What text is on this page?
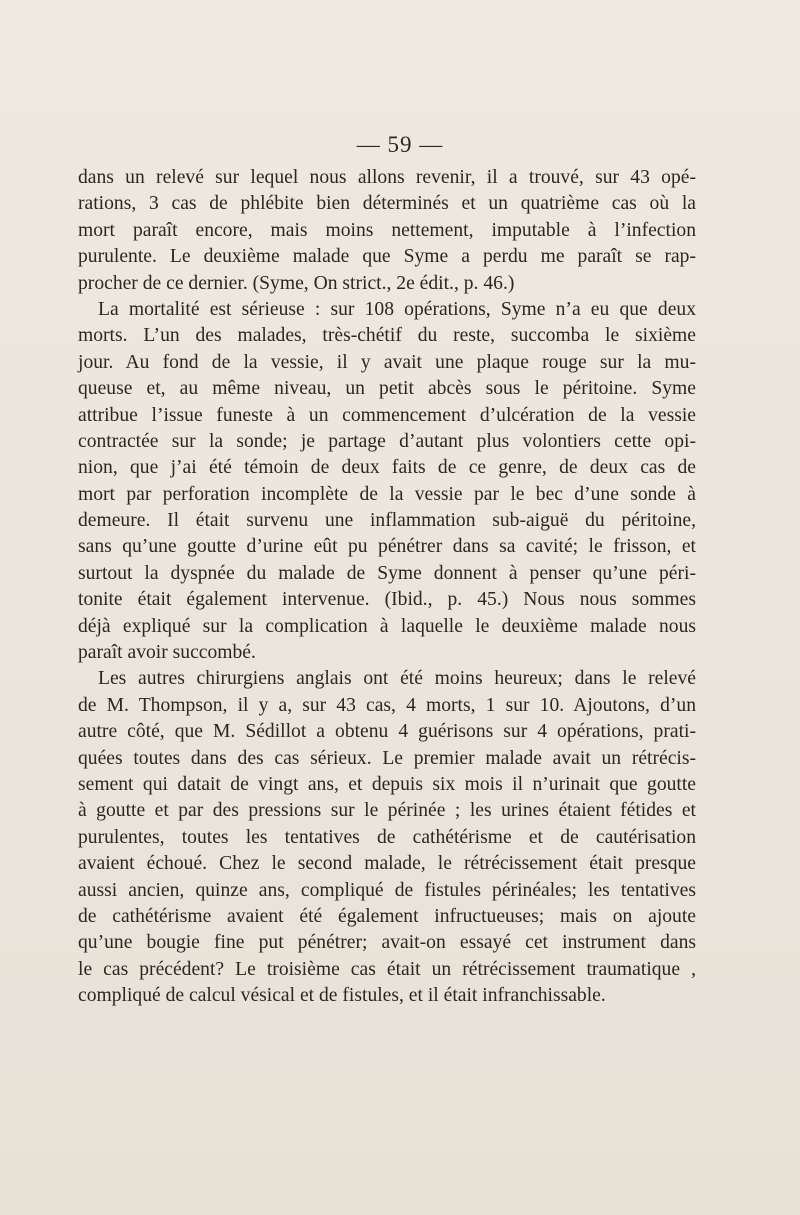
— 59 —
dans un relevé sur lequel nous allons revenir, il a trouvé, sur 43 opé-
rations, 3 cas de phlébite bien déterminés et un quatrième cas où la
mort paraît encore, mais moins nettement, imputable à l’infection
purulente. Le deuxième malade que Syme a perdu me paraît se rap-
procher de ce dernier. (Syme, On strict., 2e édit., p. 46.)
La mortalité est sérieuse : sur 108 opérations, Syme n’a eu que deux
morts. L’un des malades, très-chétif du reste, succomba le sixième
jour. Au fond de la vessie, il y avait une plaque rouge sur la mu-
queuse et, au même niveau, un petit abcès sous le péritoine. Syme
attribue l’issue funeste à un commencement d’ulcération de la vessie
contractée sur la sonde; je partage d’autant plus volontiers cette opi-
nion, que j’ai été témoin de deux faits de ce genre, de deux cas de
mort par perforation incomplète de la vessie par le bec d’une sonde à
demeure. Il était survenu une inflammation sub-aiguë du péritoine,
sans qu’une goutte d’urine eût pu pénétrer dans sa cavité; le frisson, et
surtout la dyspnée du malade de Syme donnent à penser qu’une péri-
tonite était également intervenue. (Ibid., p. 45.) Nous nous sommes
déjà expliqué sur la complication à laquelle le deuxième malade nous
paraît avoir succombé.
Les autres chirurgiens anglais ont été moins heureux; dans le relevé
de M. Thompson, il y a, sur 43 cas, 4 morts, 1 sur 10. Ajoutons, d’un
autre côté, que M. Sédillot a obtenu 4 guérisons sur 4 opérations, prati-
quées toutes dans des cas sérieux. Le premier malade avait un rétrécis-
sement qui datait de vingt ans, et depuis six mois il n’urinait que goutte
à goutte et par des pressions sur le périnée ; les urines étaient fétides et
purulentes, toutes les tentatives de cathétérisme et de cautérisation
avaient échoué. Chez le second malade, le rétrécissement était presque
aussi ancien, quinze ans, compliqué de fistules périnéales; les tentatives
de cathétérisme avaient été également infructueuses; mais on ajoute
qu’une bougie fine put pénétrer; avait-on essayé cet instrument dans
le cas précédent? Le troisième cas était un rétrécissement traumatique ,
compliqué de calcul vésical et de fistules, et il était infranchissable.
